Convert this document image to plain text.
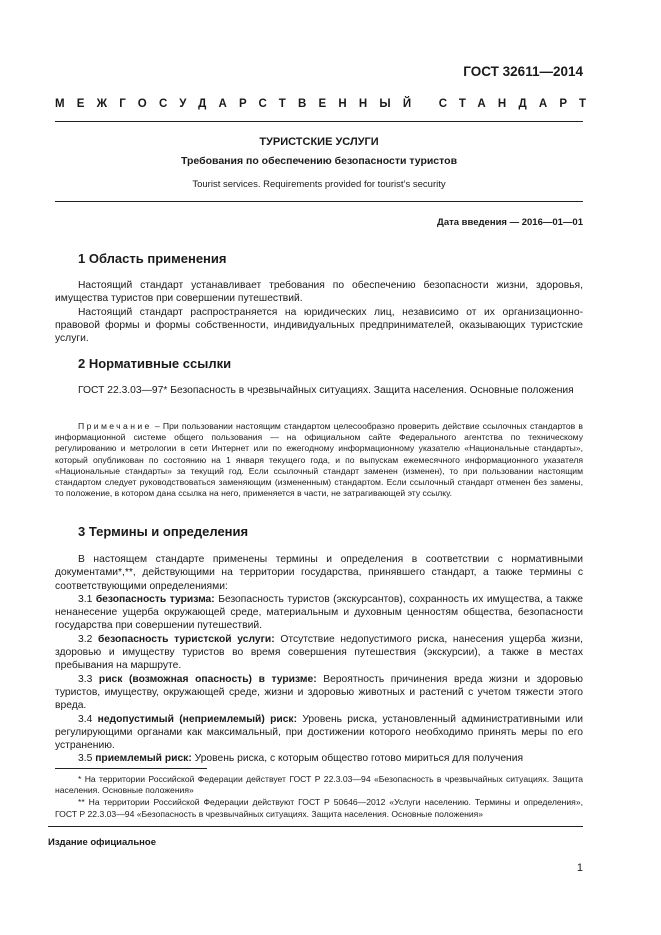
ГОСТ 32611—2014
МЕЖГОСУДАРСТВЕННЫЙ СТАНДАРТ
ТУРИСТСКИЕ УСЛУГИ
Требования по обеспечению безопасности туристов
Tourist services. Requirements provided for tourist’s security
Дата введения — 2016—01—01
1 Область применения

Настоящий стандарт устанавливает требования по обеспечению безопасности жизни, здоровья, имущества туристов при совершении путешествий.

Настоящий стандарт распространяется на юридических лиц, независимо от их организационно-правовой формы и формы собственности, индивидуальных предпринимателей, оказывающих туристские услуги.

2 Нормативные ссылки

ГОСТ 22.3.03—97* Безопасность в чрезвычайных ситуациях. Защита населения. Основные положения

Примечание – При пользовании настоящим стандартом целесообразно проверить действие ссылочных стандартов в информационной системе общего пользования — на официальном сайте Федерального агентства по техническому регулированию и метрологии в сети Интернет или по ежегодному информационному указателю «Национальные стандарты», который опубликован по состоянию на 1 января текущего года, и по выпускам ежемесячного информационного указателя «Национальные стандарты» за текущий год. Если ссылочный стандарт заменен (изменен), то при пользовании настоящим стандартом следует руководствоваться заменяющим (измененным) стандартом. Если ссылочный стандарт отменен без замены, то положение, в котором дана ссылка на него, применяется в части, не затрагивающей эту ссылку.

3 Термины и определения

В настоящем стандарте применены термины и определения в соответствии с нормативными документами*,**, действующими на территории государства, принявшего стандарт, а также термины с соответствующими определениями:

3.1 безопасность туризма: Безопасность туристов (экскурсантов), сохранность их имущества, а также ненанесение ущерба окружающей среде, материальным и духовным ценностям общества, безопасности государства при совершении путешествий.

3.2 безопасность туристской услуги: Отсутствие недопустимого риска, нанесения ущерба жизни, здоровью и имуществу туристов во время совершения путешествия (экскурсии), а также в местах пребывания на маршруте.

3.3 риск (возможная опасность) в туризме: Вероятность причинения вреда жизни и здоровью туристов, имуществу, окружающей среде, жизни и здоровью животных и растений с учетом тяжести этого вреда.

3.4 недопустимый (неприемлемый) риск: Уровень риска, установленный административными или регулирующими органами как максимальный, при достижении которого необходимо принять меры по его устранению.

3.5 приемлемый риск: Уровень риска, с которым общество готово мириться для получения

* На территории Российской Федерации действует ГОСТ Р 22.3.03—94 «Безопасность в чрезвычайных ситуациях. Защита населения. Основные положения»

** На территории Российской Федерации действуют ГОСТ Р 50646—2012 «Услуги населению. Термины и определения», ГОСТ Р 22.3.03—94 «Безопасность в чрезвычайных ситуациях. Защита населения. Основные положения»

Издание официальное
1
